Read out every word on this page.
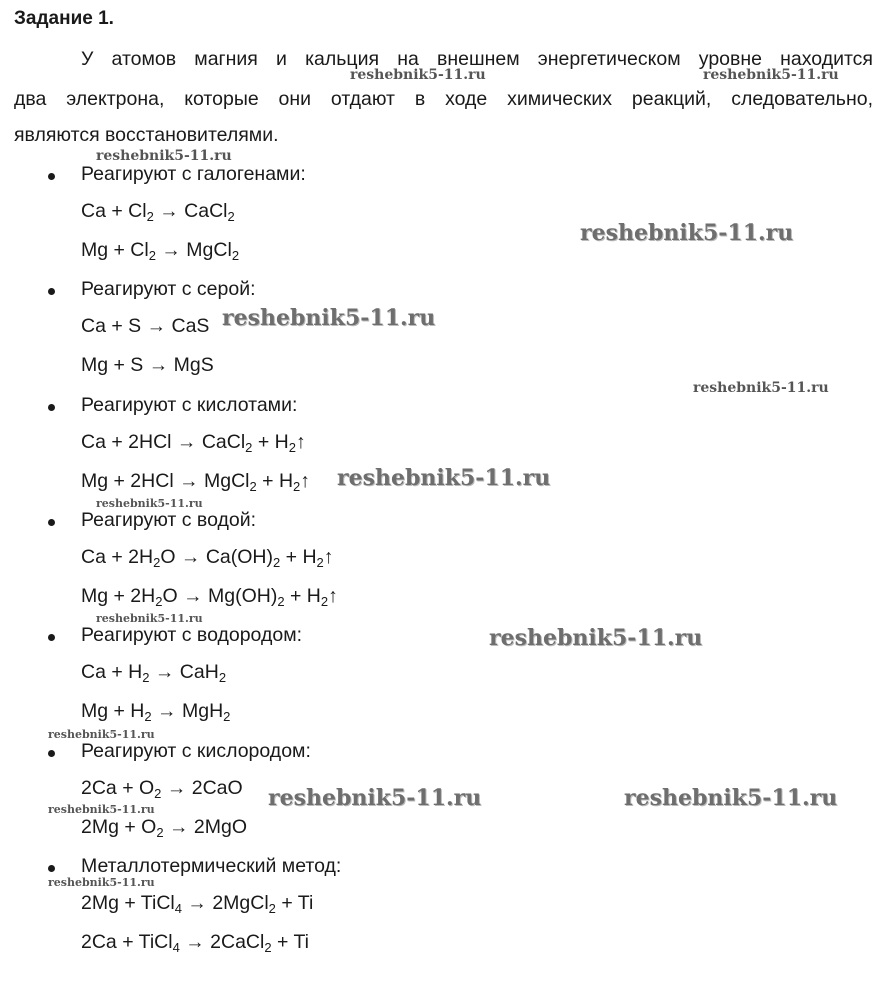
Задание 1.
У атомов магния и кальция на внешнем энергетическом уровне находится
два электрона, которые они отдают в ходе химических реакций, следовательно,
являются восстановителями.
Реагируют с галогенами:
$Ca + Cl_2$ → CaCl$_2$
$Mg + Cl_2$ → MgCl$_2$
Реагируют с серой:
Ca + S → CaS
Mg + S → MgS
Реагируют с кислотами:
Ca + 2HCl → CaCl$_2$ + $H_2↑$
Mg + 2HCl → MgCl$_2$ + $H_2↑$
Реагируют с водой:
$Ca + 2H_2O \to Ca(OH)_2$ + $H_2↑$
$Mg + 2H_2O \to Mg(OH)_2$ + $H_2↑$
Реагируют с водородом:
$Ca + H_2 \to CaH_2$
$Mg + H_2 \to MgH_2$
Реагируют с кислородом:
$2Ca + O_2 \to 2CaO$
$2Mg + O_2 \to 2MgO$
Металлотермический метод:
2Mg + TiCl$_4$ → 2MgCl$_2$ + Ti
2Ca + TiCl$_4$ → 2CaCl$_2$ + Ti
reshebnik5-11.ru	reshebnik5-11.ru
reshebnik5-11.ru
reshebnik5-11.ru
reshebnik5-11.ru
reshebnik5-11.ru
reshebnik5-11.ru
reshebnik5-11.ru
reshebnik5-11.ru
reshebnik5-11.ru
reshebnik5-11.ru
reshebnik5-11.ru	reshebnik5-11.ru
reshebnik5-11.ru
reshebnik5-11.ru
